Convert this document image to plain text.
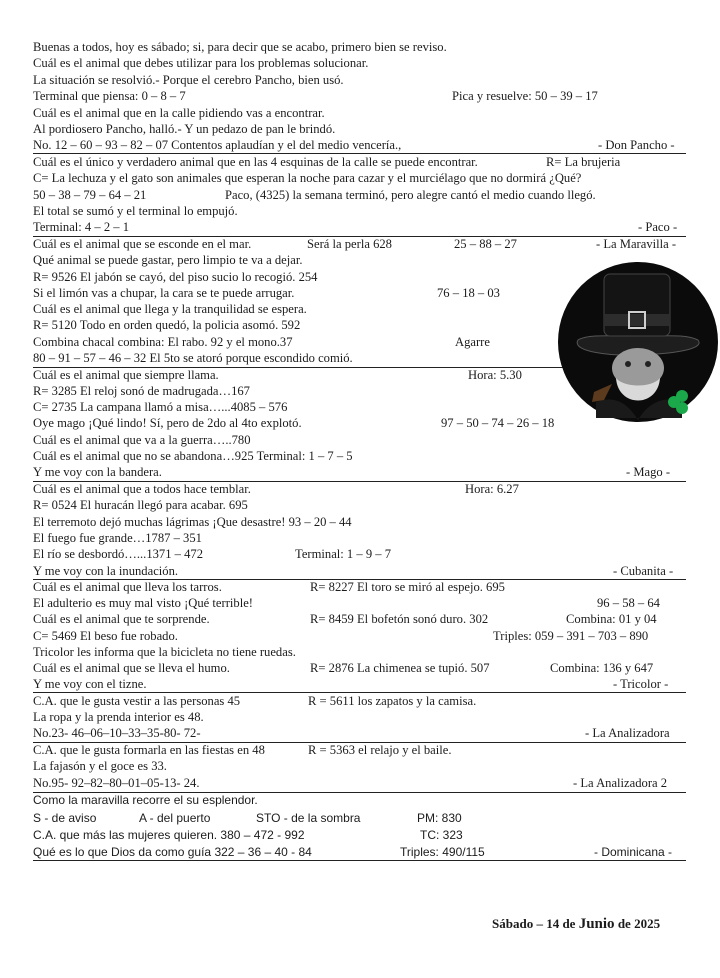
Buenas a todos, hoy es sábado; si, para decir que se acabo, primero bien se reviso.
Cuál es el animal que debes utilizar para los problemas solucionar.
La situación se resolvió.- Porque el cerebro Pancho, bien usó.
Terminal que piensa: 0 – 8 – 7	Pica y resuelve: 50 – 39 – 17
Cuál es el animal que en la calle pidiendo vas a encontrar.
Al pordiosero Pancho, halló.- Y un pedazo de pan le brindó.
No. 12 – 60 – 93 – 82 – 07 Contentos aplaudían y el del medio vencería.,	- Don Pancho -
Cuál es el único y verdadero animal que en las 4 esquinas de la calle se puede encontrar.	R= La brujeria
C= La lechuza y el gato son animales que esperan la noche para cazar y el murciélago que no dormirá ¿Qué?
50 – 38 – 79 – 64 – 21	Paco, (4325) la semana terminó, pero alegre cantó el medio cuando llegó.
El total se sumó y el terminal lo empujó.
Terminal: 4 – 2 – 1	- Paco -
Cuál es el animal que se esconde en el mar.	Será la perla 628	25 – 88 – 27	- La Maravilla -
Qué animal se puede gastar, pero limpio te va a dejar.
R= 9526 El jabón se cayó, del piso sucio lo recogió. 254
Si el limón vas a chupar, la cara se te puede arrugar.	76 – 18 – 03
Cuál es el animal que llega y la tranquilidad se espera.
R= 5120 Todo en orden quedó, la policia asomó. 592
Combina chacal combina: El rabo. 92 y el mono.37	Agarre
80 – 91 – 57 – 46 – 32 El 5to se atoró porque escondido comió.
Cuál es el animal que siempre llama.	Hora: 5.30
R= 3285 El reloj sonó de madrugada…167
C= 2735 La campana llamó a misa…...4085 – 576
Oye mago ¡Qué lindo! Sí, pero de 2do al 4to explotó.	97 – 50 – 74 – 26 – 18
Cuál es el animal que va a la guerra…..780
Cuál es el animal que no se abandona…925 Terminal: 1 – 7 – 5
Y me voy con la bandera.	- Mago -
Cuál es el animal que a todos hace temblar.	Hora: 6.27
R= 0524 El huracán llegó para acabar. 695
El terremoto dejó muchas lágrimas ¡Que desastre! 93 – 20 – 44
El fuego fue grande…1787 – 351
El río se desbordó…...1371 – 472	Terminal: 1 – 9 – 7
Y me voy con la inundación.	- Cubanita -
Cuál es el animal que lleva los tarros.	R= 8227 El toro se miró al espejo. 695
El adulterio es muy mal visto ¡Qué terrible!	96 – 58 – 64
Cuál es el animal que te sorprende.	R= 8459 El bofetón sonó duro. 302	Combina: 01 y 04
C= 5469 El beso fue robado.	Triples: 059 – 391 – 703 – 890
Tricolor les informa que la bicicleta no tiene ruedas.
Cuál es el animal que se lleva el humo.	R= 2876 La chimenea se tupió. 507	Combina: 136 y 647
Y me voy con el tizne.	- Tricolor -
C.A. que le gusta vestir a las personas 45	R = 5611 los zapatos y la camisa.
La ropa y la prenda interior es 48.
No.23- 46–06–10–33–35-80- 72-	- La Analizadora
C.A. que le gusta formarla en las fiestas en 48	R = 5363 el relajo y el baile.
La fajasón y el goce es 33.
No.95- 92–82–80–01–05-13- 24.	- La Analizadora 2
Como la maravilla recorre el su esplendor.
S - de aviso	A - del puerto	STO - de la sombra	PM: 830
C.A. que más las mujeres quieren. 380 – 472 - 992	TC: 323
Qué es lo que Dios da como guía 322 – 36 – 40 - 84	Triples: 490/115	- Dominicana -
Sábado – 14 de Junio de 2025
